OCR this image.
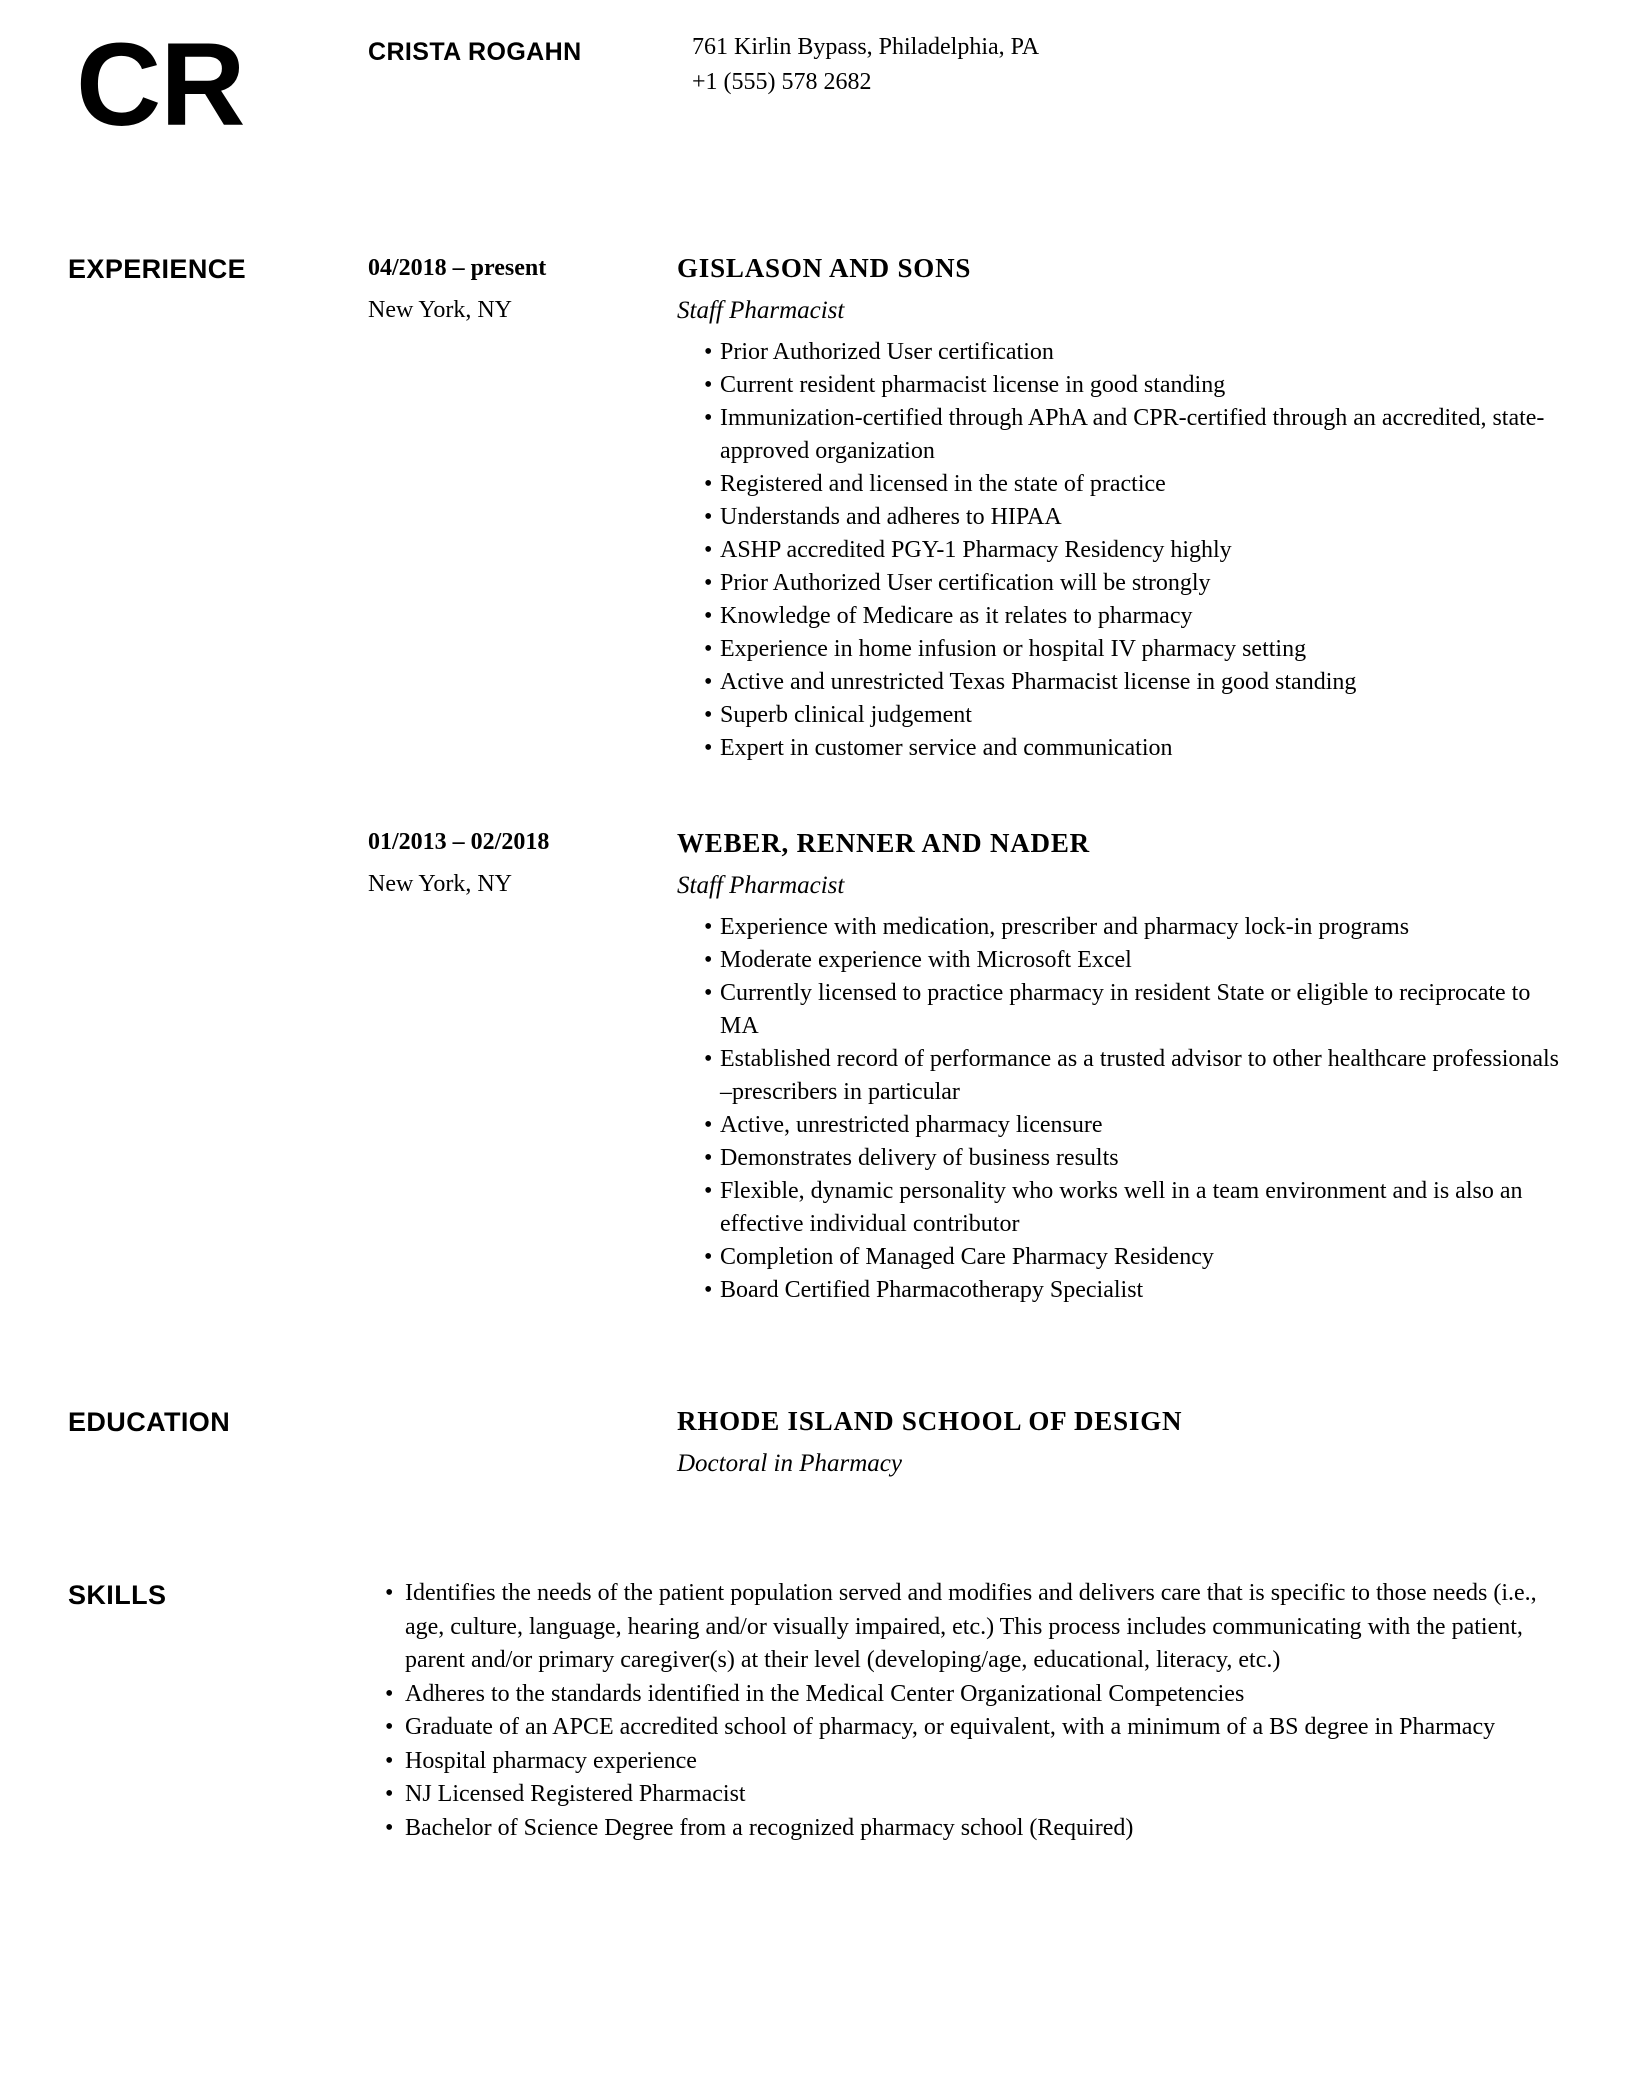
CR	CRISTA ROGAHN	761 Kirlin Bypass, Philadelphia, PA
+1 (555) 578 2682
EXPERIENCE
EDUCATION
SKILLS
04/2018 – present
New York, NY
GISLASON AND SONS
Staff Pharmacist
• Prior Authorized User certification
• Current resident pharmacist license in good standing
• Immunization-certified through APhA and CPR-certified through an accredited, state-approved organization
• Registered and licensed in the state of practice
• Understands and adheres to HIPAA
• ASHP accredited PGY-1 Pharmacy Residency highly
• Prior Authorized User certification will be strongly
• Knowledge of Medicare as it relates to pharmacy
• Experience in home infusion or hospital IV pharmacy setting
• Active and unrestricted Texas Pharmacist license in good standing
• Superb clinical judgement
• Expert in customer service and communication
01/2013 – 02/2018
New York, NY
WEBER, RENNER AND NADER
Staff Pharmacist
• Experience with medication, prescriber and pharmacy lock-in programs
• Moderate experience with Microsoft Excel
• Currently licensed to practice pharmacy in resident State or eligible to reciprocate to MA
• Established record of performance as a trusted advisor to other healthcare professionals –prescribers in particular
• Active, unrestricted pharmacy licensure
• Demonstrates delivery of business results
• Flexible, dynamic personality who works well in a team environment and is also an effective individual contributor
• Completion of Managed Care Pharmacy Residency
• Board Certified Pharmacotherapy Specialist
RHODE ISLAND SCHOOL OF DESIGN
Doctoral in Pharmacy
• Identifies the needs of the patient population served and modifies and delivers care that is specific to those needs (i.e., age, culture, language, hearing and/or visually impaired, etc.) This process includes communicating with the patient, parent and/or primary caregiver(s) at their level (developing/age, educational, literacy, etc.)
• Adheres to the standards identified in the Medical Center Organizational Competencies
• Graduate of an APCE accredited school of pharmacy, or equivalent, with a minimum of a BS degree in Pharmacy
• Hospital pharmacy experience
• NJ Licensed Registered Pharmacist
• Bachelor of Science Degree from a recognized pharmacy school (Required)
